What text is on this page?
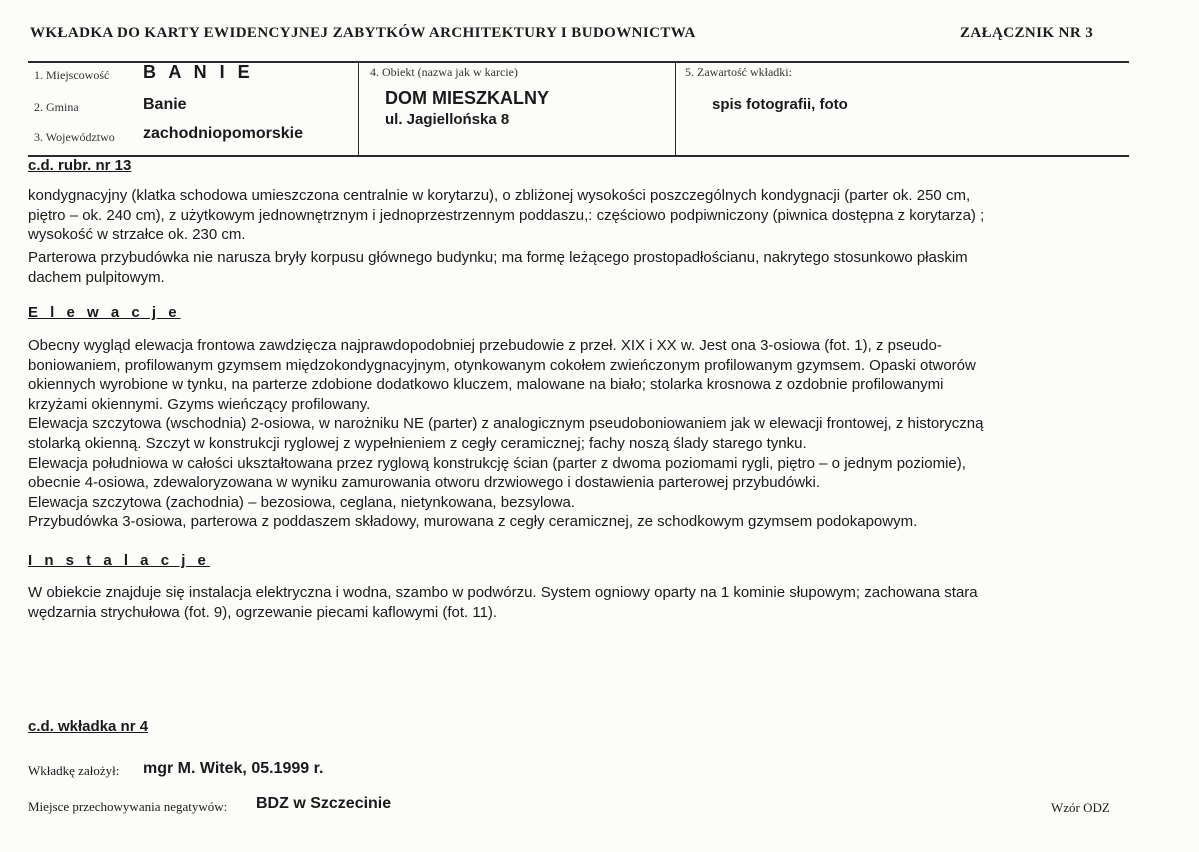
WKŁADKA DO KARTY EWIDENCYJNEJ ZABYTKÓW ARCHITEKTURY I BUDOWNICTWA	ZAŁĄCZNIK NR 3
1. Miejscowość B A N I E
2. Gmina	Banie
3. Województwo zachodniopomorskie
4. Obiekt (nazwa jak w karcie)
DOM MIESZKALNY
ul. Jagiellońska 8
5. Zawartość wkładki:
spis fotografii, foto
c.d. rubr. nr 13
kondygnacyjny (klatka schodowa umieszczona centralnie w korytarzu), o zbliżonej wysokości poszczególnych kondygnacji (parter ok. 250 cm,
piętro – ok. 240 cm), z użytkowym jednownętrznym i jednoprzestrzennym poddaszu,: częściowo podpiwniczony (piwnica dostępna z korytarza) ;
wysokość w strzałce ok. 230 cm.
Parterowa przybudówka nie narusza bryły korpusu głównego budynku; ma formę leżącego prostopadłościanu, nakrytego stosunkowo płaskim
dachem pulpitowym.
E l e w a c j e
Obecny wygląd elewacja frontowa zawdzięcza najprawdopodobniej przebudowie z przeł. XIX i XX w. Jest ona 3-osiowa (fot. 1), z pseudo-
boniowaniem, profilowanym gzymsem międzokondygnacyjnym, otynkowanym cokołem zwieńczonym profilowanym gzymsem. Opaski otworów
okiennych wyrobione w tynku, na parterze zdobione dodatkowo kluczem, malowane na biało; stolarka krosnowa z ozdobnie profilowanymi
krzyżami okiennymi. Gzyms wieńczący profilowany.
Elewacja szczytowa (wschodnia) 2-osiowa, w narożniku NE (parter) z analogicznym pseudoboniowaniem jak w elewacji frontowej, z historyczną
stolarką okienną. Szczyt w konstrukcji ryglowej z wypełnieniem z cegły ceramicznej; fachy noszą ślady starego tynku.
Elewacja południowa w całości ukształtowana przez ryglową konstrukcję ścian (parter z dwoma poziomami rygli, piętro – o jednym poziomie),
obecnie 4-osiowa, zdewaloryzowana w wyniku zamurowania otworu drzwiowego i dostawienia parterowej przybudówki.
Elewacja szczytowa (zachodnia) – bezosiowa, ceglana, nietynkowana, bezsylowa.
Przybudówka 3-osiowa, parterowa z poddaszem składowy, murowana z cegły ceramicznej, ze schodkowym gzymsem podokapowym.
I n s t a l a c j e
W obiekcie znajduje się instalacja elektryczna i wodna, szambo w podwórzu. System ogniowy oparty na 1 kominie słupowym; zachowana stara
wędzarnia strychułowa (fot. 9), ogrzewanie piecami kaflowymi (fot. 11).
c.d. wkładka nr 4
Wkładkę założył: mgr M. Witek, 05.1999 r.
Miejsce przechowywania negatywów: BDZ w Szczecinie	Wzór ODZ
